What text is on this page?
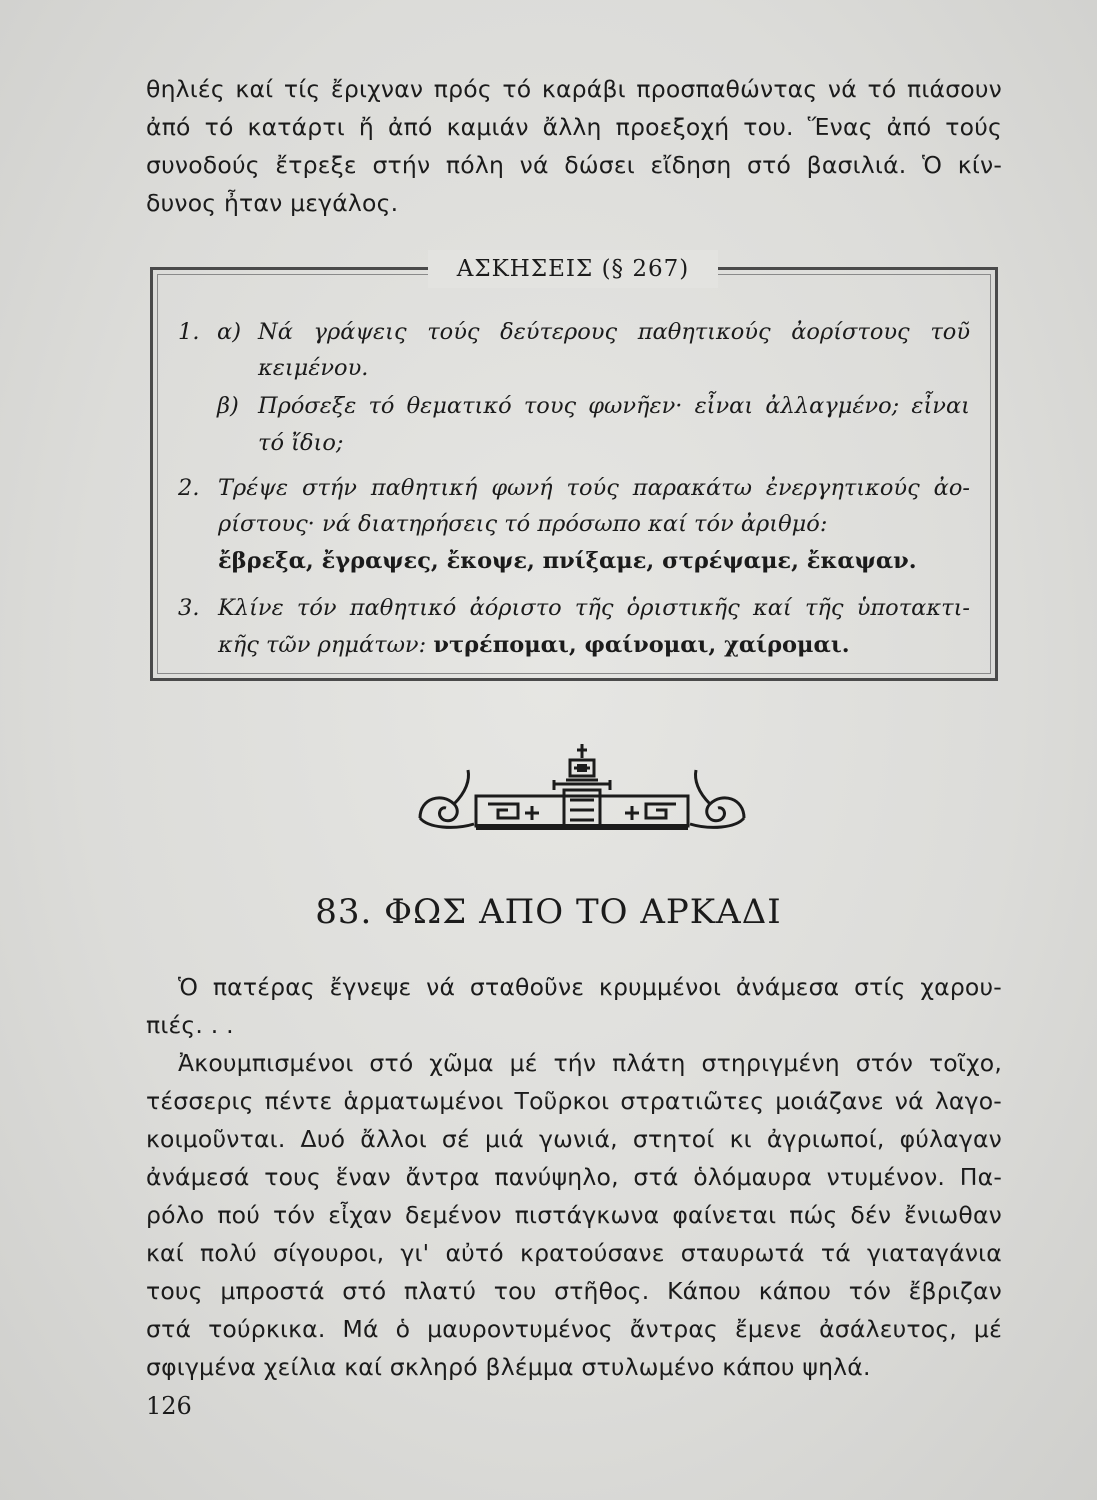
θηλιές καί τίς ἔριχναν πρός τό καράβι προσπαθώντας νά τό πιάσουν
ἀπό τό κατάρτι ἤ ἀπό καμιάν ἄλλη προεξοχή του. Ἕνας ἀπό τούς
συνοδούς ἔτρεξε στήν πόλη νά δώσει εἴδηση στό βασιλιά. Ὁ κίν-
δυνος ἦταν μεγάλος.
ΑΣΚΗΣΕΙΣ (§ 267)
1. α) Νά γράψεις τούς δεύτερους παθητικούς ἀορίστους τοῦ
κειμένου.
β) Πρόσεξε τό θεματικό τους φωνῆεν· εἶναι ἀλλαγμένο; εἶναι
τό ἴδιο;
2. Τρέψε στήν παθητική φωνή τούς παρακάτω ἐνεργητικούς ἀο-
ρίστους· νά διατηρήσεις τό πρόσωπο καί τόν ἀριθμό:
ἔβρεξα, ἔγραψες, ἔκοψε, πνίξαμε, στρέψαμε, ἔκαψαν.
3. Κλίνε τόν παθητικό ἀόριστο τῆς ὁριστικῆς καί τῆς ὑποτακτι-
κῆς τῶν ρημάτων: ντρέπομαι, φαίνομαι, χαίρομαι.
83. ΦΩΣ ΑΠΟ ΤΟ ΑΡΚΑΔΙ
Ὁ πατέρας ἔγνεψε νά σταθοῦνε κρυμμένοι ἀνάμεσα στίς χαρου-
πιές. . .
Ἀκουμπισμένοι στό χῶμα μέ τήν πλάτη στηριγμένη στόν τοῖχο,
τέσσερις πέντε ἁρματωμένοι Τοῦρκοι στρατιῶτες μοιάζανε νά λαγο-
κοιμοῦνται. Δυό ἄλλοι σέ μιά γωνιά, στητοί κι ἀγριωποί, φύλαγαν
ἀνάμεσά τους ἕναν ἄντρα πανύψηλο, στά ὁλόμαυρα ντυμένον. Πα-
ρόλο πού τόν εἶχαν δεμένον πιστάγκωνα φαίνεται πώς δέν ἔνιωθαν
καί πολύ σίγουροι, γι' αὐτό κρατούσανε σταυρωτά τά γιαταγάνια
τους μπροστά στό πλατύ του στῆθος. Κάπου κάπου τόν ἔβριζαν
στά τούρκικα. Μά ὁ μαυροντυμένος ἄντρας ἔμενε ἀσάλευτος, μέ
σφιγμένα χείλια καί σκληρό βλέμμα στυλωμένο κάπου ψηλά.
126
